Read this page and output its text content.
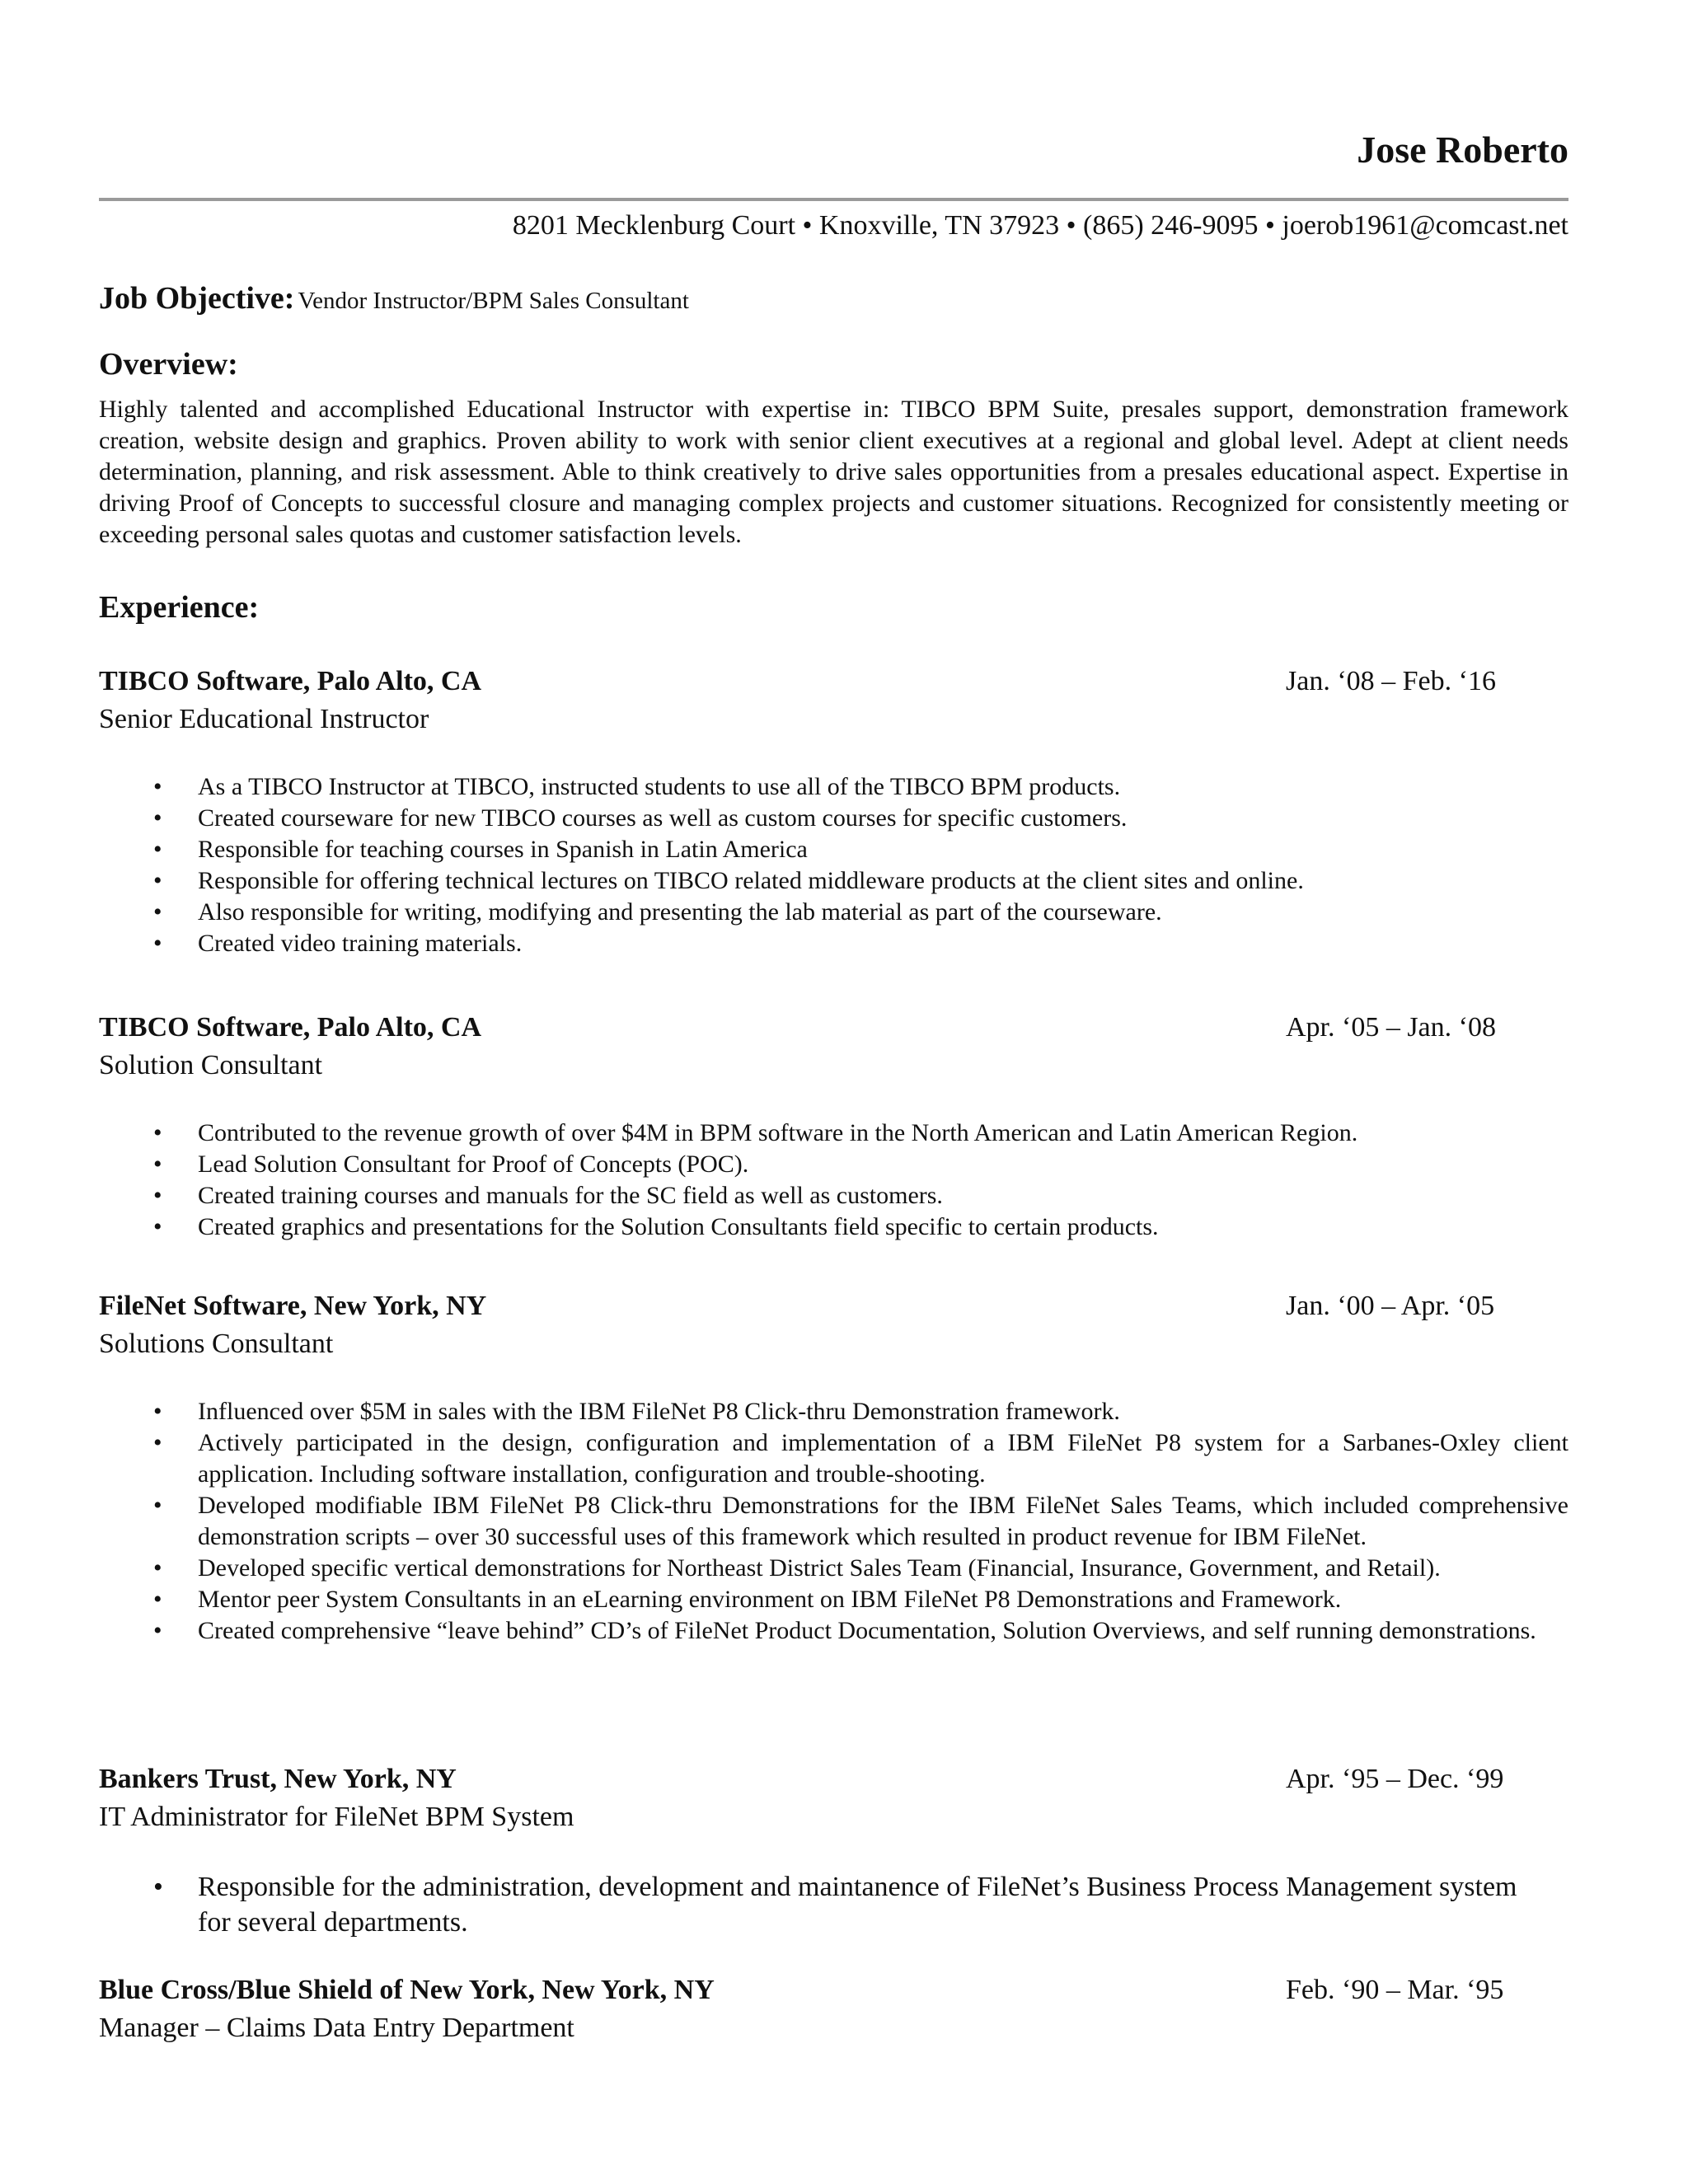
Jose Roberto
8201 Mecklenburg Court • Knoxville, TN 37923 • (865) 246-9095 • joerob1961@comcast.net
Job Objective: Vendor Instructor/BPM Sales Consultant
Overview:

Highly talented and accomplished Educational Instructor with expertise in: TIBCO BPM Suite, presales support, demonstration framework creation, website design and graphics. Proven ability to work with senior client executives at a regional and global level. Adept at client needs determination, planning, and risk assessment. Able to think creatively to drive sales opportunities from a presales educational aspect. Expertise in driving Proof of Concepts to successful closure and managing complex projects and customer situations. Recognized for consistently meeting or exceeding personal sales quotas and customer satisfaction levels.

Experience:
TIBCO Software, Palo Alto, CA	Jan. ‘08 – Feb. ‘16
Senior Educational Instructor
• As a TIBCO Instructor at TIBCO, instructed students to use all of the TIBCO BPM products.
• Created courseware for new TIBCO courses as well as custom courses for specific customers.
• Responsible for teaching courses in Spanish in Latin America
• Responsible for offering technical lectures on TIBCO related middleware products at the client sites and online.
• Also responsible for writing, modifying and presenting the lab material as part of the courseware.
• Created video training materials.
TIBCO Software, Palo Alto, CA	Apr. ‘05 – Jan. ‘08
Solution Consultant
• Contributed to the revenue growth of over $4M in BPM software in the North American and Latin American Region.
• Lead Solution Consultant for Proof of Concepts (POC).
• Created training courses and manuals for the SC field as well as customers.
• Created graphics and presentations for the Solution Consultants field specific to certain products.
FileNet Software, New York, NY	Jan. ‘00 – Apr. ‘05
Solutions Consultant
• Influenced over $5M in sales with the IBM FileNet P8 Click-thru Demonstration framework.
• Actively participated in the design, configuration and implementation of a IBM FileNet P8 system for a Sarbanes-Oxley client application. Including software installation, configuration and trouble-shooting.
• Developed modifiable IBM FileNet P8 Click-thru Demonstrations for the IBM FileNet Sales Teams, which included comprehensive demonstration scripts – over 30 successful uses of this framework which resulted in product revenue for IBM FileNet.
• Developed specific vertical demonstrations for Northeast District Sales Team (Financial, Insurance, Government, and Retail).
• Mentor peer System Consultants in an eLearning environment on IBM FileNet P8 Demonstrations and Framework.
• Created comprehensive “leave behind” CD’s of FileNet Product Documentation, Solution Overviews, and self running demonstrations.
Bankers Trust, New York, NY	Apr. ‘95 – Dec. ‘99
IT Administrator for FileNet BPM System
• Responsible for the administration, development and maintanence of FileNet’s Business Process Management system for several departments.
Blue Cross/Blue Shield of New York, New York, NY	Feb. ‘90 – Mar. ‘95
Manager – Claims Data Entry Department
